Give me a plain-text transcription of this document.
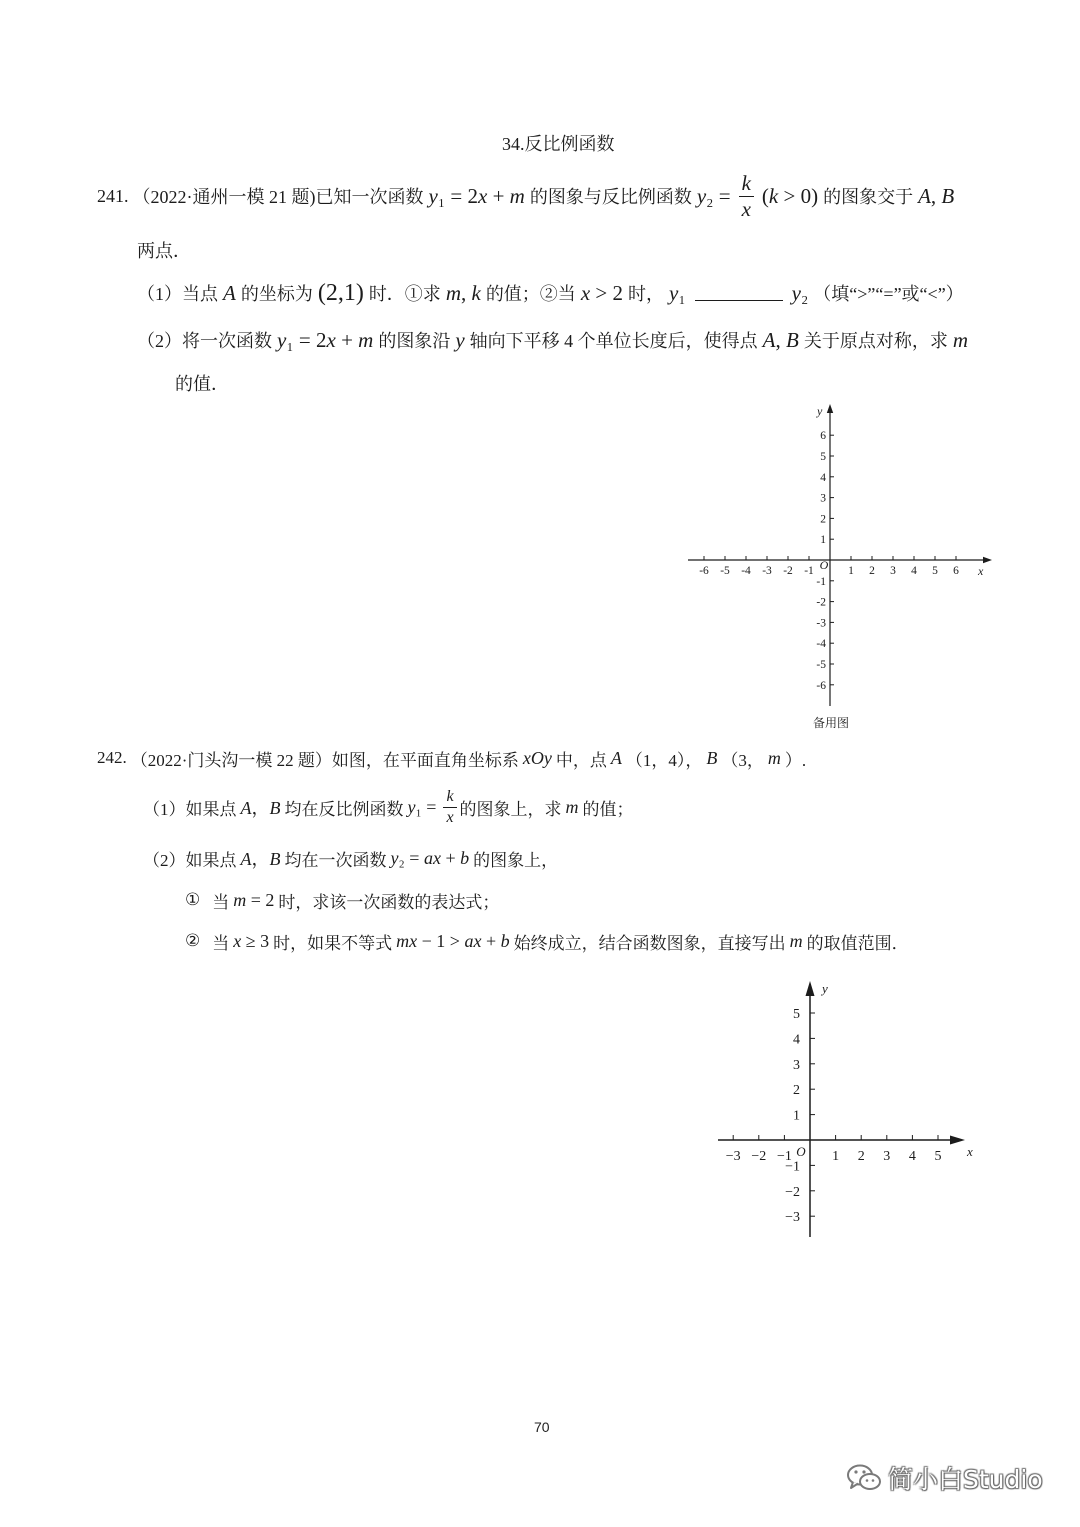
34.反比例函数
241. （2022·通州一模 21 题) 已知一次函数 y₁ = 2x + m 的图象与反比例函数 $y_2 = \frac{k}{x} (k > 0)$ 的图象交于 A, B
两点．
（1） 当点 A 的坐标为 (2,1) 时．①求 m, k 的值；②当 x > 2 时， y₁	y₂ （填“>”“=”或“<”）
（2） 将一次函数 y₁ = 2x + m 的图象沿 y 轴向下平移 4 个单位长度后，使得点 A, B 关于原点对称，求 m
的值．
x
y
O
备用图
-6 -5 -4 -3 -2 -1	1 2 3 4 5 6
6
5
4
3
2
1
-1
-2
-3
-4
-5
-6
242. （2022·门头沟一模 22 题） 如图，在平面直角坐标系 xOy 中，点 A （1，4）， B （3， m ）.
（1） 如果点 A，B 均在反比例函数 $y_1 = \frac{k}{x}$ 的图象上，求 m 的值；
（2） 如果点 A，B 均在一次函数 y₂ = ax + b 的图象上，
① 当 m = 2 时，求该一次函数的表达式；
② 当 x ≥ 3 时，如果不等式 mx − 1 > ax + b 始终成立，结合函数图象，直接写出 m 的取值范围．
x
y
O
−3 −2 −1	1 2 3 4 5
5
4
3
2
1
−1
−2
−3
70
简小白Studio
